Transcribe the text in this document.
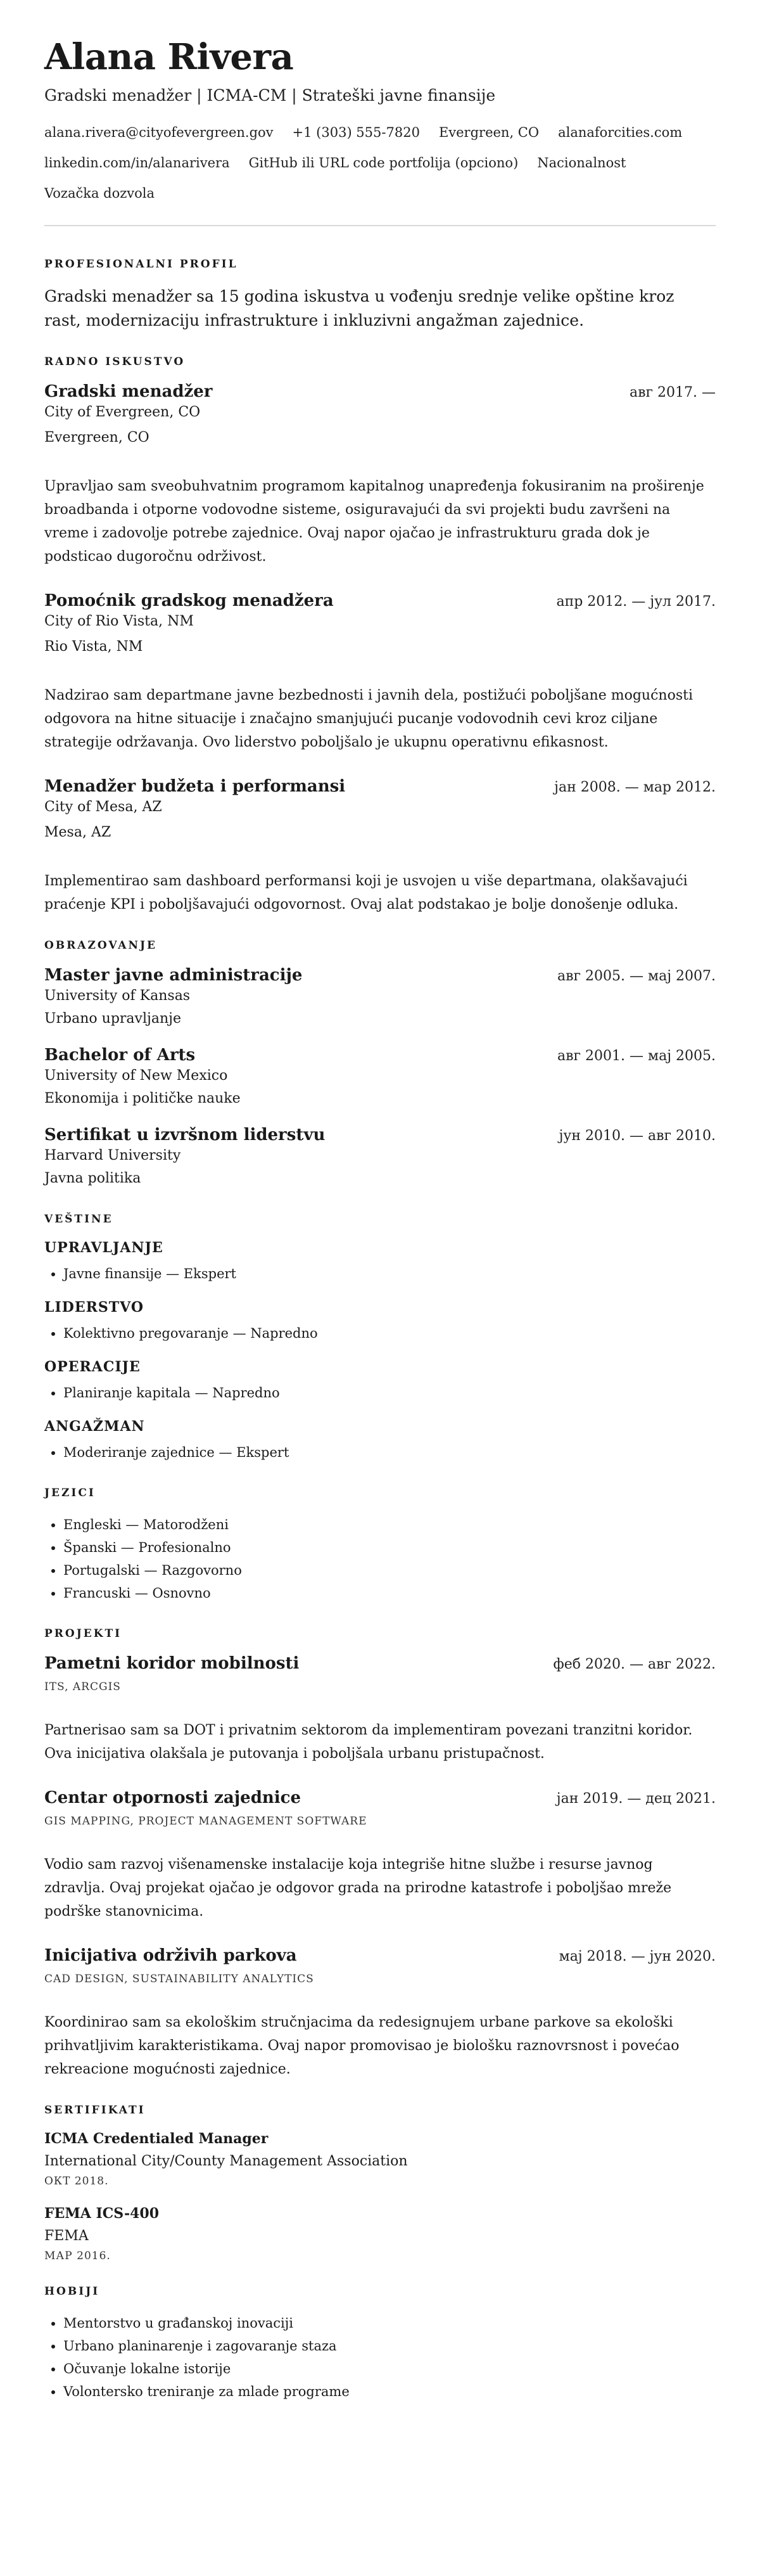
Alana Rivera
Gradski menadžer | ICMA-CM | Strateški javne finansije
alana.rivera@cityofevergreen.gov +1 (303) 555-7820 Evergreen, CO alanaforcities.com
linkedin.com/in/alanarivera GitHub ili URL code portfolija (opciono) Nacionalnost
Vozačka dozvola
PROFESIONALNI PROFIL
Gradski menadžer sa 15 godina iskustva u vođenju srednje velike opštine kroz rast, modernizaciju infrastrukture i inkluzivni angažman zajednice.
RADNO ISKUSTVO
Gradski menadžer	авг 2017. —
City of Evergreen, CO
Evergreen, CO
Upravljao sam sveobuhvatnim programom kapitalnog unapređenja fokusiranim na proširenje broadbanda i otporne vodovodne sisteme, osiguravajući da svi projekti budu završeni na vreme i zadovolje potrebe zajednice. Ovaj napor ojačao je infrastrukturu grada dok je podsticao dugoročnu održivost.
Pomoćnik gradskog menadžera	апр 2012. — јул 2017.
City of Rio Vista, NM
Rio Vista, NM
Nadzirao sam departmane javne bezbednosti i javnih dela, postižući poboljšane mogućnosti odgovora na hitne situacije i značajno smanjujući pucanje vodovodnih cevi kroz ciljane strategije održavanja. Ovo liderstvo poboljšalo je ukupnu operativnu efikasnost.
Menadžer budžeta i performansi	јан 2008. — мар 2012.
City of Mesa, AZ
Mesa, AZ
Implementirao sam dashboard performansi koji je usvojen u više departmana, olakšavajući praćenje KPI i poboljšavajući odgovornost. Ovaj alat podstakao je bolje donošenje odluka.
OBRAZOVANJE
Master javne administracije	авг 2005. — мај 2007.
University of Kansas
Urbano upravljanje
Bachelor of Arts	авг 2001. — мај 2005.
University of New Mexico
Ekonomija i političke nauke
Sertifikat u izvršnom liderstvu	јун 2010. — авг 2010.
Harvard University
Javna politika
VEŠTINE
UPRAVLJANJE
• Javne finansije — Ekspert
LIDERSTVO
• Kolektivno pregovaranje — Napredno
OPERACIJE
• Planiranje kapitala — Napredno
ANGAŽMAN
• Moderiranje zajednice — Ekspert
JEZICI
• Engleski — Matorodženi
• Španski — Profesionalno
• Portugalski — Razgovorno
• Francuski — Osnovno
PROJEKTI
Pametni koridor mobilnosti	феб 2020. — авг 2022.
ITS, ARCGIS
Partnerisao sam sa DOT i privatnim sektorom da implementiram povezani tranzitni koridor. Ova inicijativa olakšala je putovanja i poboljšala urbanu pristupačnost.
Centar otpornosti zajednice	јан 2019. — дец 2021.
GIS MAPPING, PROJECT MANAGEMENT SOFTWARE
Vodio sam razvoj višenamenske instalacije koja integriše hitne službe i resurse javnog zdravlja. Ovaj projekat ojačao je odgovor grada na prirodne katastrofe i poboljšao mreže podrške stanovnicima.
Inicijativa održivih parkova	мај 2018. — јун 2020.
CAD DESIGN, SUSTAINABILITY ANALYTICS
Koordinirao sam sa ekološkim stručnjacima da redesignujem urbane parkove sa ekološki prihvatljivim karakteristikama. Ovaj napor promovisao je biološku raznovrsnost i povećao rekreacione mogućnosti zajednice.
SERTIFIKATI
ICMA Credentialed Manager
International City/County Management Association
ОКТ 2018.
FEMA ICS-400
FEMA
МАР 2016.
HOBIJI
• Mentorstvo u građanskoj inovaciji
• Urbano planinarenje i zagovaranje staza
• Očuvanje lokalne istorije
• Volontersko treniranje za mlade programe
